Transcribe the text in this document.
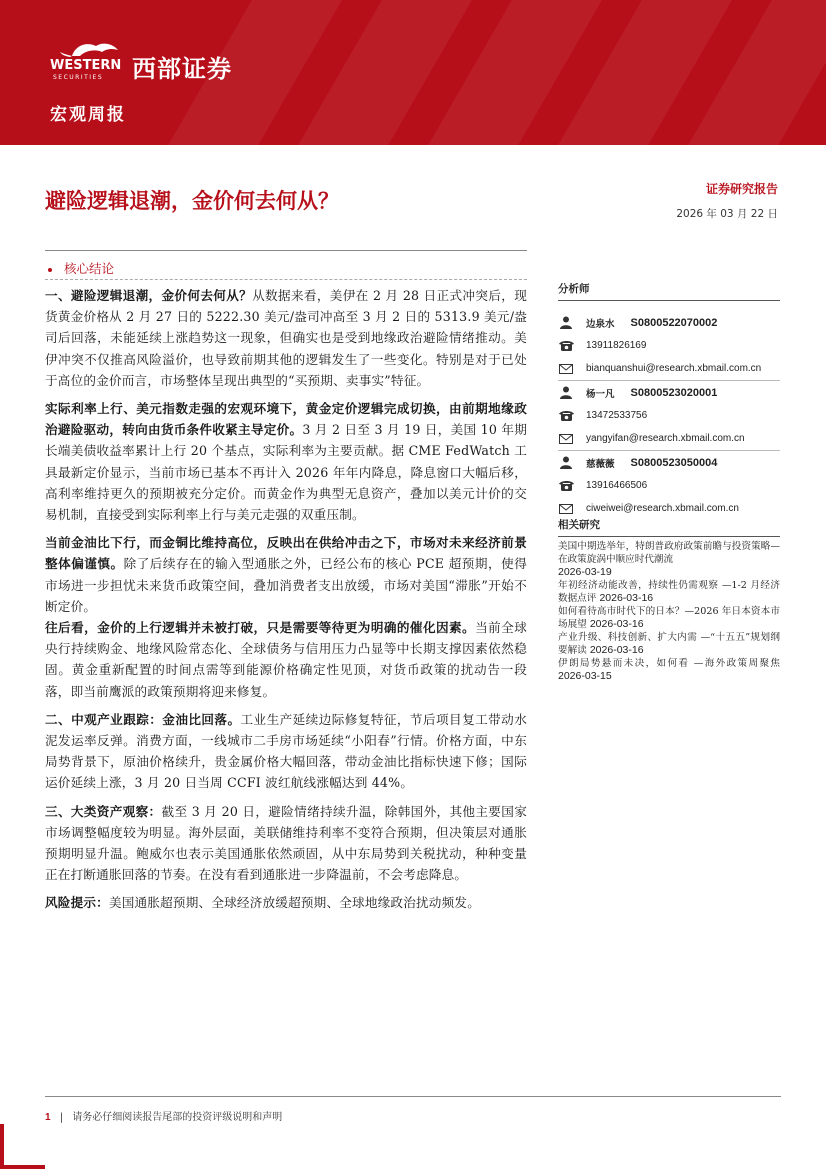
WESTERN
SECURITIES 西部证券
宏观周报
避险逻辑退潮，金价何去何从？	证券研究报告
2026 年 03 月 22 日
核心结论

一、避险逻辑退潮，金价何去何从？从数据来看，美伊在 2 月 28 日正式冲突后，现货黄金价格从 2 月 27 日的 5222.30 美元/盎司冲高至 3 月 2 日的 5313.9 美元/盎司后回落，未能延续上涨趋势这一现象，但确实也是受到地缘政治避险情绪推动。美伊冲突不仅推高风险溢价，也导致前期其他的逻辑发生了一些变化。特别是对于已处于高位的金价而言，市场整体呈现出典型的“买预期、卖事实”特征。

实际利率上行、美元指数走强的宏观环境下，黄金定价逻辑完成切换，由前期地缘政治避险驱动，转向由货币条件收紧主导定价。3 月 2 日至 3 月 19 日，美国 10 年期长端美债收益率累计上行 20 个基点，实际利率为主要贡献。据 CME FedWatch 工具最新定价显示，当前市场已基本不再计入 2026 年年内降息，降息窗口大幅后移，高利率维持更久的预期被充分定价。而黄金作为典型无息资产，叠加以美元计价的交易机制，直接受到实际利率上行与美元走强的双重压制。

当前金油比下行，而金铜比维持高位，反映出在供给冲击之下，市场对未来经济前景整体偏谨慎。除了后续存在的输入型通胀之外，已经公布的核心 PCE 超预期，使得市场进一步担忧未来货币政策空间，叠加消费者支出放缓，市场对美国“滞胀”开始不断定价。

往后看，金价的上行逻辑并未被打破，只是需要等待更为明确的催化因素。当前全球央行持续购金、地缘风险常态化、全球债务与信用压力凸显等中长期支撑因素依然稳固。黄金重新配置的时间点需等到能源价格确定性见顶，对货币政策的扰动告一段落，即当前鹰派的政策预期将迎来修复。

二、中观产业跟踪：金油比回落。工业生产延续边际修复特征，节后项目复工带动水泥发运率反弹。消费方面，一线城市二手房市场延续“小阳春”行情。价格方面，中东局势背景下，原油价格续升，贵金属价格大幅回落，带动金油比指标快速下修；国际运价延续上涨，3 月 20 日当周 CCFI 波红航线涨幅达到 44%。

三、大类资产观察：截至 3 月 20 日，避险情绪持续升温，除韩国外，其他主要国家市场调整幅度较为明显。海外层面，美联储维持利率不变符合预期，但决策层对通胀预期明显升温。鲍威尔也表示美国通胀依然顽固，从中东局势到关税扰动，种种变量正在打断通胀回落的节奏。在没有看到通胀进一步降温前，不会考虑降息。

风险提示：美国通胀超预期、全球经济放缓超预期、全球地缘政治扰动频发。

分析师
边泉水 S0800522070002
13911826169
bianquanshui@research.xbmail.com.cn
杨一凡 S0800523020001
13472533756
yangyifan@research.xbmail.com.cn
慈薇薇 S0800523050004
13916466506
ciweiwei@research.xbmail.com.cn
相关研究
美国中期选举年，特朗普政府政策前瞻与投资策略—在政策旋涡中顺应时代潮流
2026-03-19
年初经济动能改善，持续性仍需观察 —1-2 月经济数据点评 2026-03-16
如何看待高市时代下的日本？—2026 年日本资本市场展望 2026-03-16
产业升级、科技创新、扩大内需 —“十五五”规划纲要解读 2026-03-16
伊朗局势悬而未决，如何看 —海外政策周聚焦 2026-03-15
1 | 请务必仔细阅读报告尾部的投资评级说明和声明
